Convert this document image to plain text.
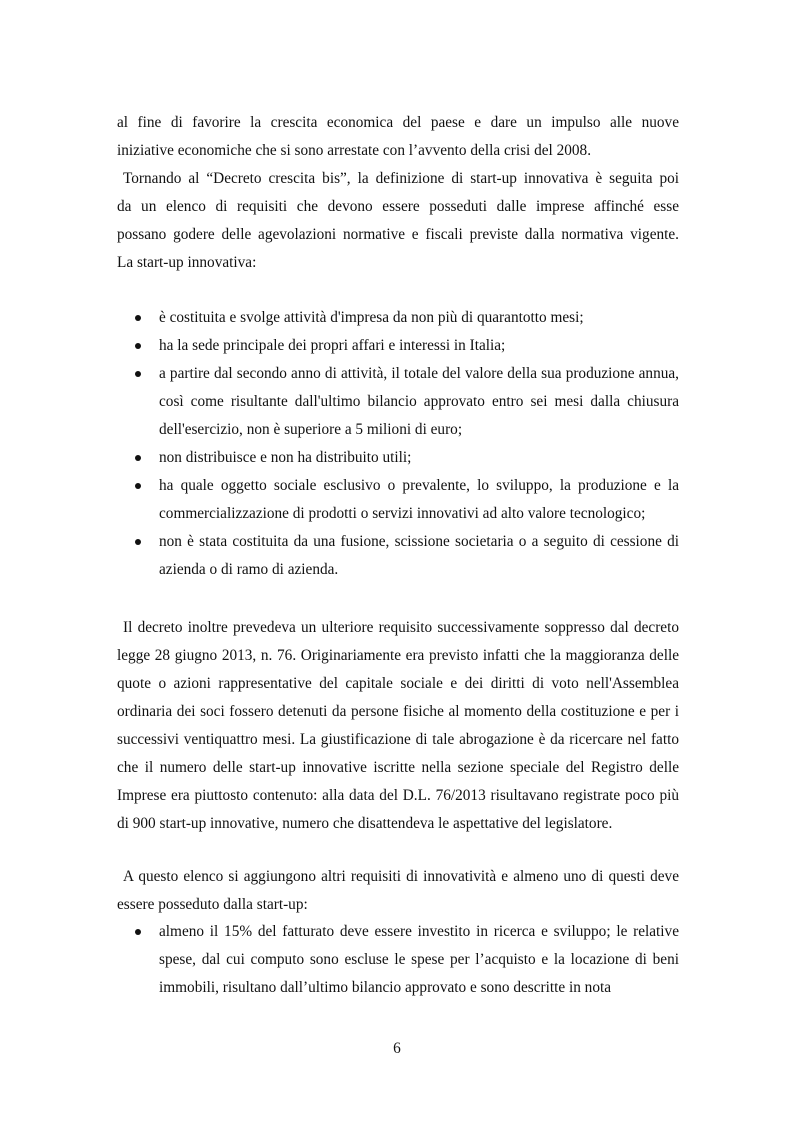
al fine di favorire la crescita economica del paese e dare un impulso alle nuove
iniziative economiche che si sono arrestate con l’avvento della crisi del 2008.
Tornando al “Decreto crescita bis”, la definizione di start-up innovativa è seguita poi
da un elenco di requisiti che devono essere posseduti dalle imprese affinché esse
possano godere delle agevolazioni normative e fiscali previste dalla normativa vigente.
La start-up innovativa:
è costituita e svolge attività d'impresa da non più di quarantotto mesi;
ha la sede principale dei propri affari e interessi in Italia;
a partire dal secondo anno di attività, il totale del valore della sua produzione annua, così come risultante dall'ultimo bilancio approvato entro sei mesi dalla chiusura dell'esercizio, non è superiore a 5 milioni di euro;
non distribuisce e non ha distribuito utili;
ha quale oggetto sociale esclusivo o prevalente, lo sviluppo, la produzione e la commercializzazione di prodotti o servizi innovativi ad alto valore tecnologico;
non è stata costituita da una fusione, scissione societaria o a seguito di cessione di azienda o di ramo di azienda.

Il decreto inoltre prevedeva un ulteriore requisito successivamente soppresso dal decreto legge 28 giugno 2013, n. 76. Originariamente era previsto infatti che la maggioranza delle quote o azioni rappresentative del capitale sociale e dei diritti di voto nell'Assemblea ordinaria dei soci fossero detenuti da persone fisiche al momento della costituzione e per i successivi ventiquattro mesi. La giustificazione di tale abrogazione è da ricercare nel fatto che il numero delle start-up innovative iscritte nella sezione speciale del Registro delle Imprese era piuttosto contenuto: alla data del D.L. 76/2013 risultavano registrate poco più di 900 start-up innovative, numero che disattendeva le aspettative del legislatore.

A questo elenco si aggiungono altri requisiti di innovatività e almeno uno di questi deve essere posseduto dalla start-up:

almeno il 15% del fatturato deve essere investito in ricerca e sviluppo; le relative spese, dal cui computo sono escluse le spese per l’acquisto e la locazione di beni immobili, risultano dall’ultimo bilancio approvato e sono descritte in nota
6
